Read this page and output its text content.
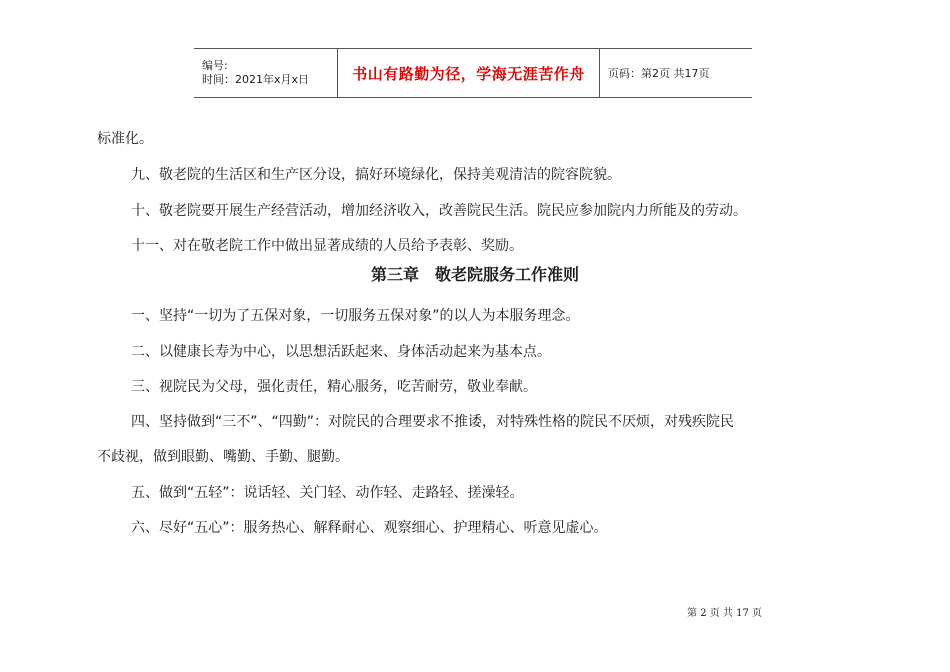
编号:
时间：2021年x月x日	书山有路勤为径，学海无涯苦作舟 页码：第2页 共17页
标准化。
九、敬老院的生活区和生产区分设，搞好环境绿化，保持美观清洁的院容院貌。
十、敬老院要开展生产经营活动，增加经济收入，改善院民生活。院民应参加院内力所能及的劳动。
十一、对在敬老院工作中做出显著成绩的人员给予表彰、奖励。
第三章　敬老院服务工作准则
一、坚持“一切为了五保对象，一切服务五保对象”的以人为本服务理念。
二、以健康长寿为中心，以思想活跃起来、身体活动起来为基本点。
三、视院民为父母，强化责任，精心服务，吃苦耐劳，敬业奉献。
四、坚持做到“三不”、“四勤”：对院民的合理要求不推诿，对特殊性格的院民不厌烦，对残疾院民
不歧视，做到眼勤、嘴勤、手勤、腿勤。
五、做到“五轻”：说话轻、关门轻、动作轻、走路轻、搓澡轻。
六、尽好“五心”：服务热心、解释耐心、观察细心、护理精心、听意见虚心。
第 2 页 共 17 页
